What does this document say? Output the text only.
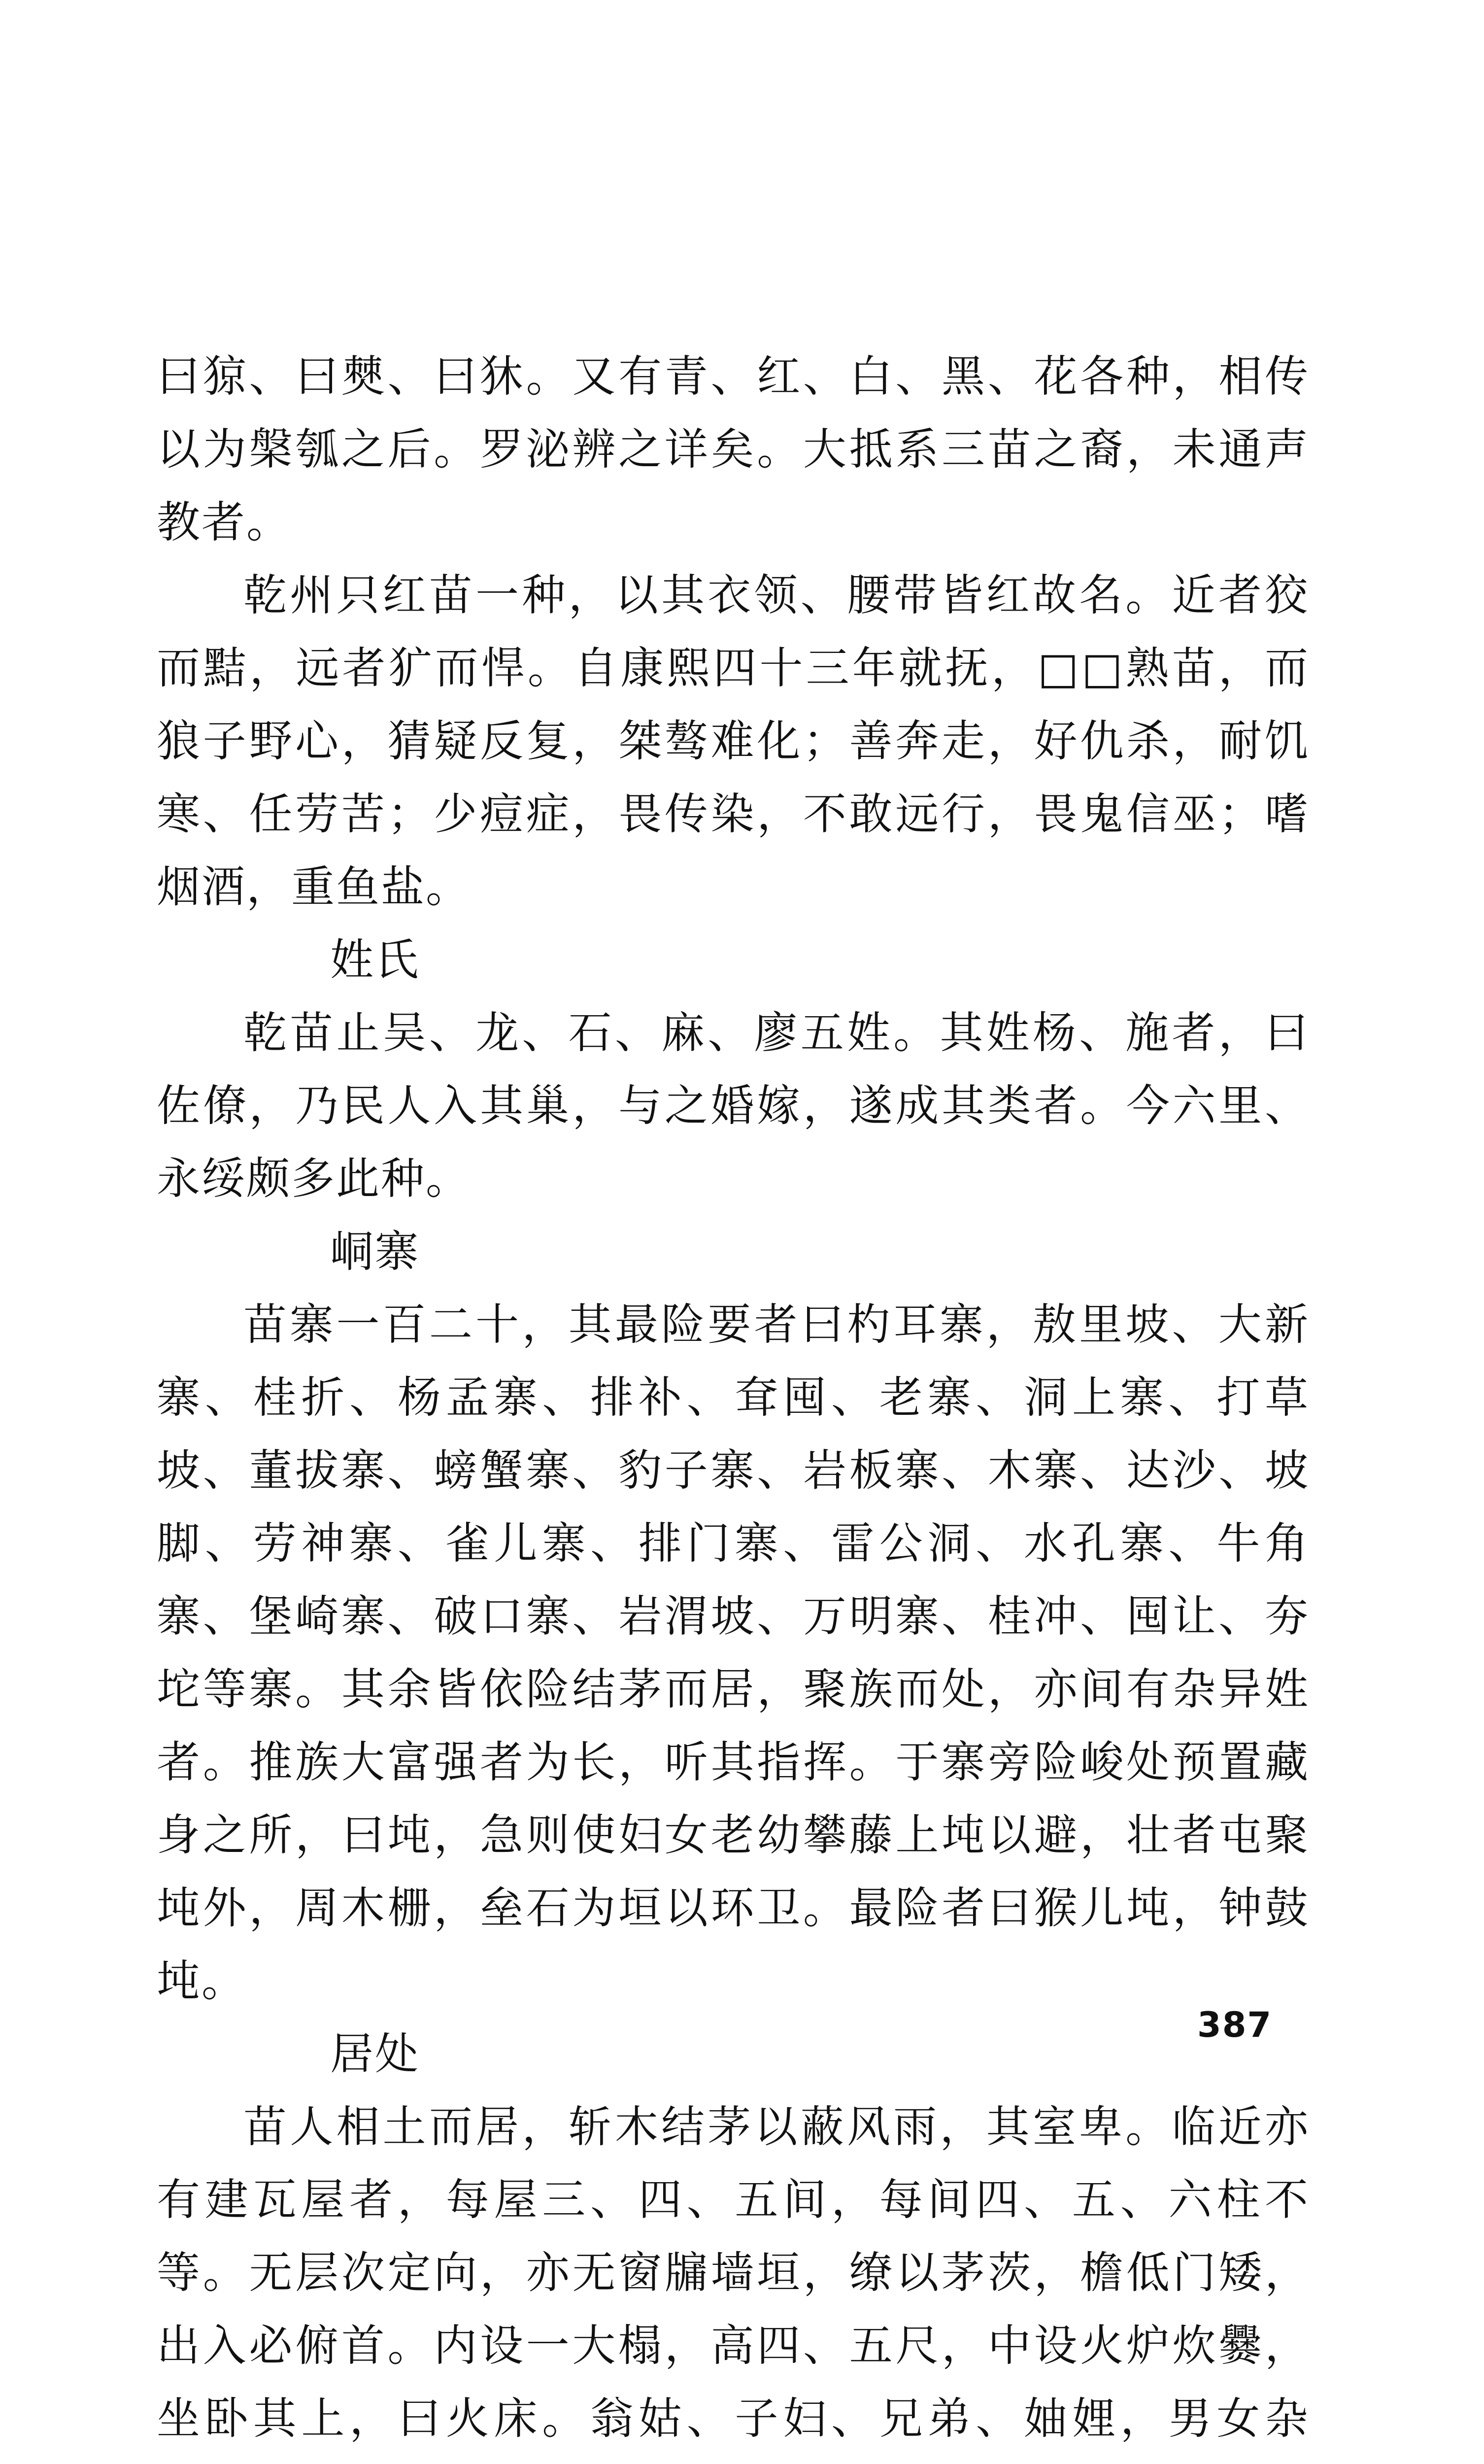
曰猄、曰僰、曰狇。又有青、红、白、黑、花各种，相传以为槃瓠之后。罗泌辨之详矣。大抵系三苗之裔，未通声教者。

乾州只红苗一种，以其衣领、腰带皆红故名。近者狡而黠，远者犷而悍。自康熙四十三年就抚，□□熟苗，而狼子野心，猜疑反复，桀骜难化；善奔走，好仇杀，耐饥寒、任劳苦；少痘症，畏传染，不敢远行，畏鬼信巫；嗜烟酒，重鱼盐。

姓氏

乾苗止吴、龙、石、麻、廖五姓。其姓杨、施者，曰佐僚，乃民人入其巢，与之婚嫁，遂成其类者。今六里、永绥颇多此种。

峒寨

苗寨一百二十，其最险要者曰杓耳寨，敖里坡、大新寨、桂折、杨孟寨、排补、耷囤、老寨、洞上寨、打草坡、董拔寨、螃蟹寨、豹子寨、岩板寨、木寨、达沙、坡脚、劳神寨、雀儿寨、排门寨、雷公洞、水孔寨、牛角寨、堡崎寨、破口寨、岩渭坡、万明寨、桂冲、囤让、夯坨等寨。其余皆依险结茅而居，聚族而处，亦间有杂异姓者。推族大富强者为长，听其指挥。于寨旁险峻处预置藏身之所，曰坉，急则使妇女老幼攀藤上坉以避，壮者屯聚坉外，周木栅，垒石为垣以环卫。最险者曰猴儿坉，钟鼓坉。

居处

苗人相土而居，斩木结茅以蔽风雨，其室卑。临近亦有建瓦屋者，每屋三、四、五间，每间四、五、六柱不等。无层次定向，亦无窗牖墙垣，缭以茅茨，檐低门矮，出入必俯首。内设一大榻，高四、五尺，中设火炉炊爨，坐卧其上，曰火床。翁姑、子妇、兄弟、妯娌，男女杂

387
